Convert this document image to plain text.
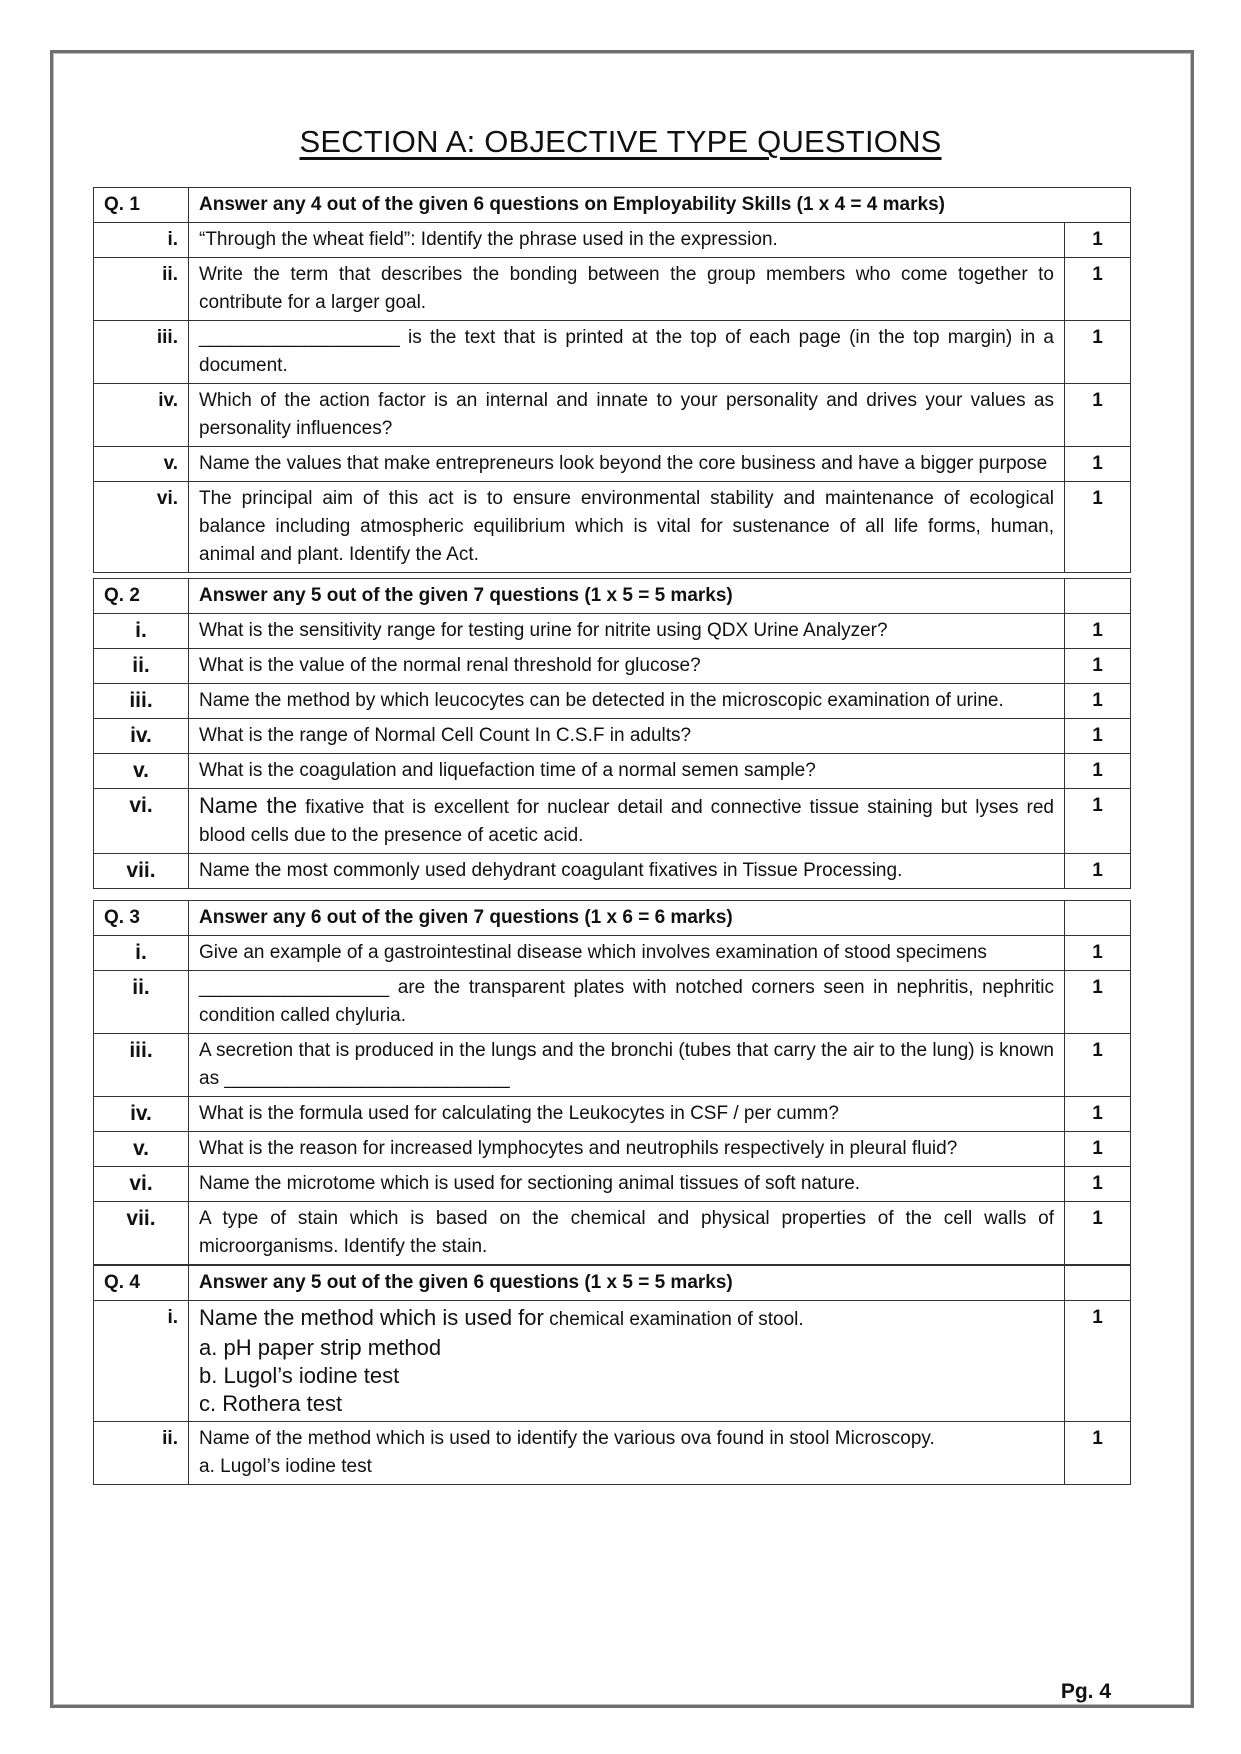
SECTION A: OBJECTIVE TYPE QUESTIONS
Q. 1	Answer any 4 out of the given 6 questions on Employability Skills (1 x 4 = 4 marks)	
i.	“Through the wheat field”: Identify the phrase used in the expression.	1
ii.	Write the term that describes the bonding between the group members who come together to contribute for a larger goal.	1
iii.	___________________ is the text that is printed at the top of each page (in the top margin) in a document.	1
iv.	Which of the action factor is an internal and innate to your personality and drives your values as personality influences?	1
v.	Name the values that make entrepreneurs look beyond the core business and have a bigger purpose	1
vi.	The principal aim of this act is to ensure environmental stability and maintenance of ecological balance including atmospheric equilibrium which is vital for sustenance of all life forms, human, animal and plant. Identify the Act.	1
Q. 2	Answer any 5 out of the given 7 questions (1 x 5 = 5 marks)	
i.	What is the sensitivity range for testing urine for nitrite using QDX Urine Analyzer?	1
ii.	What is the value of the normal renal threshold for glucose?	1
iii.	Name the method by which leucocytes can be detected in the microscopic examination of urine.	1
iv.	What is the range of Normal Cell Count In C.S.F in adults?	1
v.	What is the coagulation and liquefaction time of a normal semen sample?	1
vi.	Name the fixative that is excellent for nuclear detail and connective tissue staining but lyses red blood cells due to the presence of acetic acid.	1
vii.	Name the most commonly used dehydrant coagulant fixatives in Tissue Processing.	1
Q. 3	Answer any 6 out of the given 7 questions (1 x 6 = 6 marks)	
i.	Give an example of a gastrointestinal disease which involves examination of stood specimens	1
ii.	__________________ are the transparent plates with notched corners seen in nephritis, nephritic condition called chyluria.	1
iii.	A secretion that is produced in the lungs and the bronchi (tubes that carry the air to the lung) is known as ___________________________	1
iv.	What is the formula used for calculating the Leukocytes in CSF / per cumm?	1
v.	What is the reason for increased lymphocytes and neutrophils respectively in pleural fluid?	1
vi.	Name the microtome which is used for sectioning animal tissues of soft nature.	1
vii.	A type of stain which is based on the chemical and physical properties of the cell walls of microorganisms. Identify the stain.	1
Q. 4	Answer any 5 out of the given 6 questions (1 x 5 = 5 marks)	
i.	Name the method which is used for chemical examination of stool.
a. pH paper strip method
b. Lugol’s iodine test
c. Rothera test	1
ii.	Name of the method which is used to identify the various ova found in stool Microscopy.
a. Lugol’s iodine test	1
Pg. 4
